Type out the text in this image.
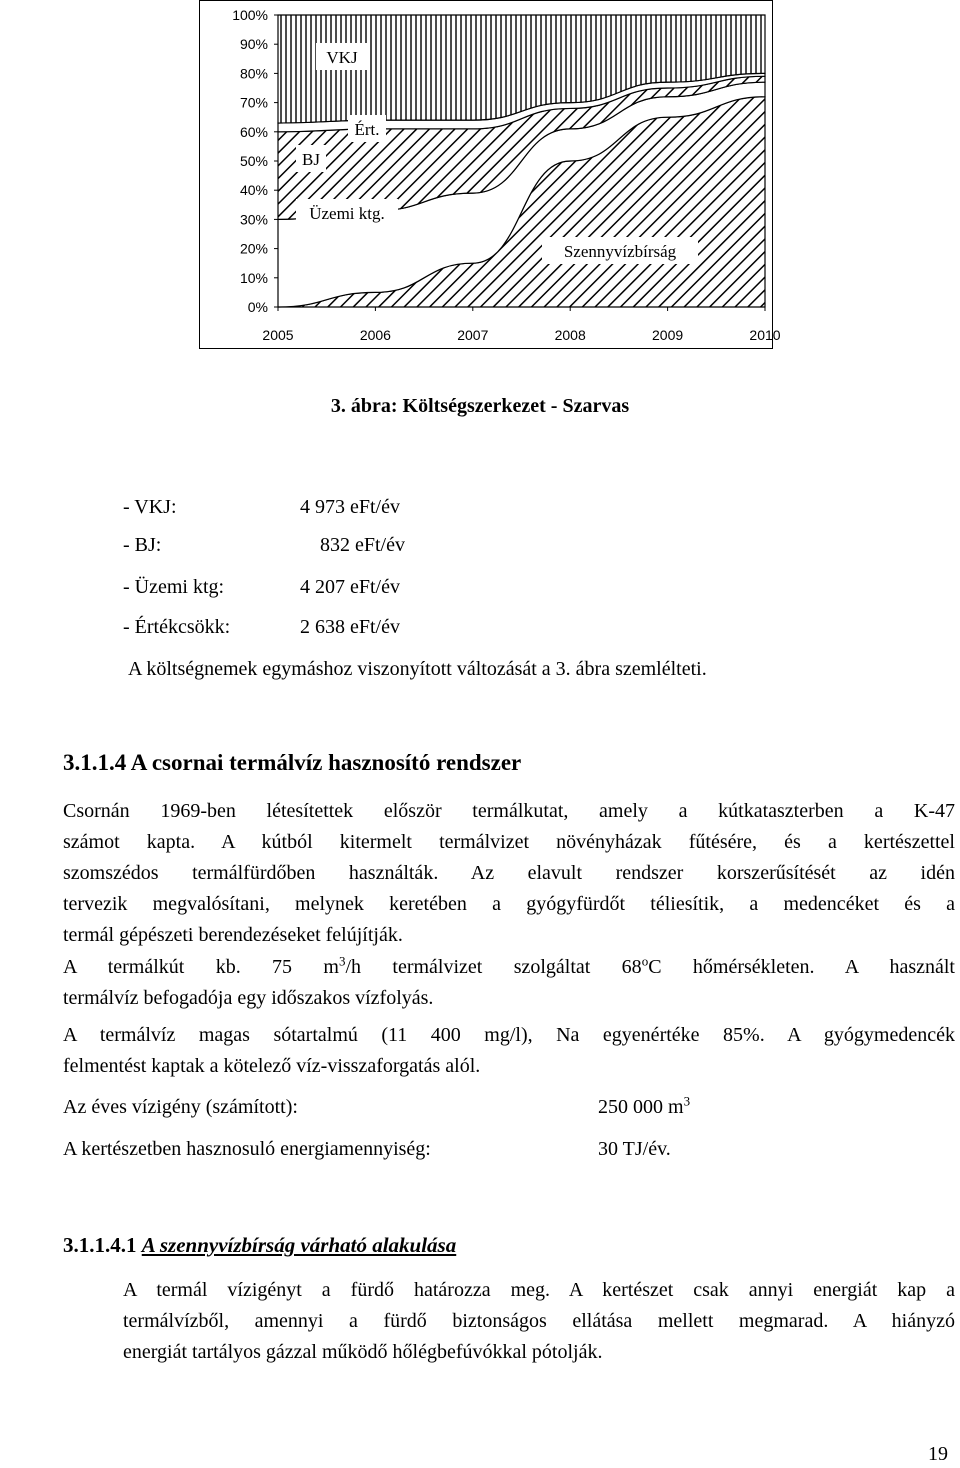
0%
10%
20%
30%
40%
50%
60%
70%
80%
90%
100%
2005	2006	2007	2008	2009	2010
VKJ
Ért.
BJ
Üzemi ktg.
Szennyvízbírság
3. ábra: Költségszerkezet - Szarvas
- VKJ:	4 973 eFt/év
- BJ:	832 eFt/év
- Üzemi ktg:	4 207 eFt/év
- Értékcsökk:	2 638 eFt/év
A költségnemek egymáshoz viszonyított változását a 3. ábra szemlélteti.
3.1.1.4 A csornai termálvíz hasznosító rendszer
Csornán 1969-ben létesítettek először termálkutat, amely a kútkataszterben a K-47
számot kapta. A kútból kitermelt termálvizet növényházak fűtésére, és a kertészettel
szomszédos termálfürdőben használták. Az elavult rendszer korszerűsítését az idén
tervezik megvalósítani, melynek keretében a gyógyfürdőt téliesítik, a medencéket és a
termál gépészeti berendezéseket felújítják.
A termálkút kb. 75 $m^3/h$ termálvizet szolgáltat 68$^o$C hőmérsékleten. A használt
termálvíz befogadója egy időszakos vízfolyás.
A termálvíz magas sótartalmú (11 400 mg/l), Na egyenértéke 85%. A gyógymedencék
felmentést kaptak a kötelező víz-visszaforgatás alól.
Az éves vízigény (számított):	250 000 $m^3$
A kertészetben hasznosuló energiamennyiség:	30 TJ/év.
3.1.1.4.1 A szennyvízbírság várható alakulása
A termál vízigényt a fürdő határozza meg. A kertészet csak annyi energiát kap a
termálvízből, amennyi a fürdő biztonságos ellátása mellett megmarad. A hiányzó
energiát tartályos gázzal működő hőlégbefúvókkal pótolják.
19
